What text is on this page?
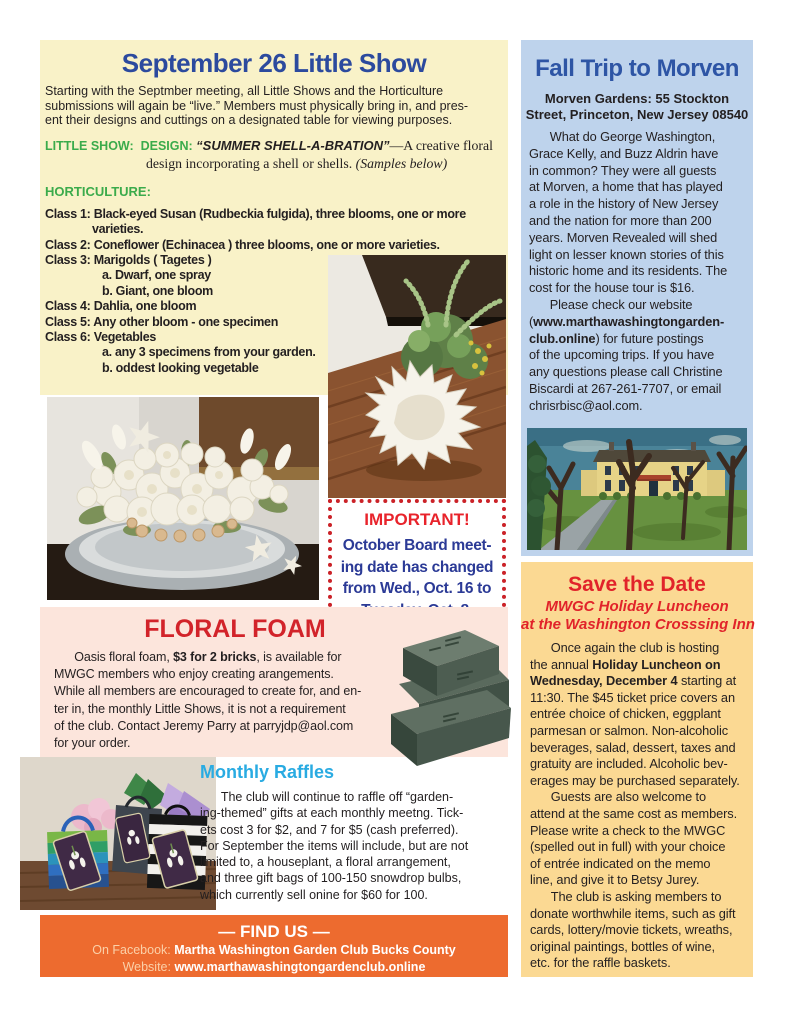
September 26 Little Show

Starting with the Septmber meeting, all Little Shows and the Horticulture
submissions will again be “live.” Members must physically bring in, and pres-
ent their designs and cuttings on a designated table for viewing purposes.

LITTLE SHOW: DESIGN: “SUMMER SHELL-A-BRATION”—A creative floral
design incorporating a shell or shells. (Samples below)

HORTICULTURE:

Class 1: Black-eyed Susan (Rudbeckia fulgida), three blooms, one or more
varieties.
Class 2: Coneflower (Echinacea ) three blooms, one or more varieties.
Class 3: Marigolds ( Tagetes )
a. Dwarf, one spray
b. Giant, one bloom
Class 4: Dahlia, one bloom
Class 5: Any other bloom - one specimen
Class 6: Vegetables
a. any 3 specimens from your garden.
b. oddest looking vegetable
IMPORTANT!
October Board meet-
ing date has changed
from Wed., Oct. 16 to

FLORAL FOAM

Oasis floral foam, $3 for 2 bricks, is available for
MWGC members who enjoy creating arangements.
While all members are encouraged to create for, and en-
ter in, the monthly Little Shows, it is not a requirement
of the club. Contact Jeremy Parry at parryjdp@aol.com
for your order.

Monthly Raffles

The club will continue to raffle off “garden-
ing-themed” gifts at each monthly meetng. Tick-
ets cost 3 for $2, and 7 for $5 (cash preferred).
For September the items will include, but are not
limited to, a houseplant, a floral arrangement,
and three gift bags of 100-150 snowdrop bulbs,
which currently sell onine for $60 for 100.

— FIND US —
On Facebook: Martha Washington Garden Club Bucks County
Website: www.marthawashingtongardenclub.online
Fall Trip to Morven
Morven Gardens: 55 Stockton
Street, Princeton, New Jersey 08540

What do George Washington,
Grace Kelly, and Buzz Aldrin have
in common? They were all guests
at Morven, a home that has played
a role in the history of New Jersey
and the nation for more than 200
years. Morven Revealed will shed
light on lesser known stories of this
historic home and its residents. The
cost for the house tour is $16.
Please check our website
(www.marthawashingtongarden-
club.online) for future postings
of the upcoming trips. If you have
any questions please call Christine
Biscardi at 267-261-7707, or email
chrisrbisc@aol.com.

Save the Date
MWGC Holiday Luncheon
at the Washington Crosssing Inn

Once again the club is hosting
the annual Holiday Luncheon on
Wednesday, December 4 starting at
11:30. The $45 ticket price covers an
entrée choice of chicken, eggplant
parmesan or salmon. Non-alcoholic
beverages, salad, dessert, taxes and
gratuity are included. Alcoholic bev-
erages may be purchased separately.
Guests are also welcome to
attend at the same cost as members.
Please write a check to the MWGC
(spelled out in full) with your choice
of entrée indicated on the memo
line, and give it to Betsy Jurey.
The club is asking members to
donate worthwhile items, such as gift
cards, lottery/movie tickets, wreaths,
original paintings, bottles of wine,
etc. for the raffle baskets.
